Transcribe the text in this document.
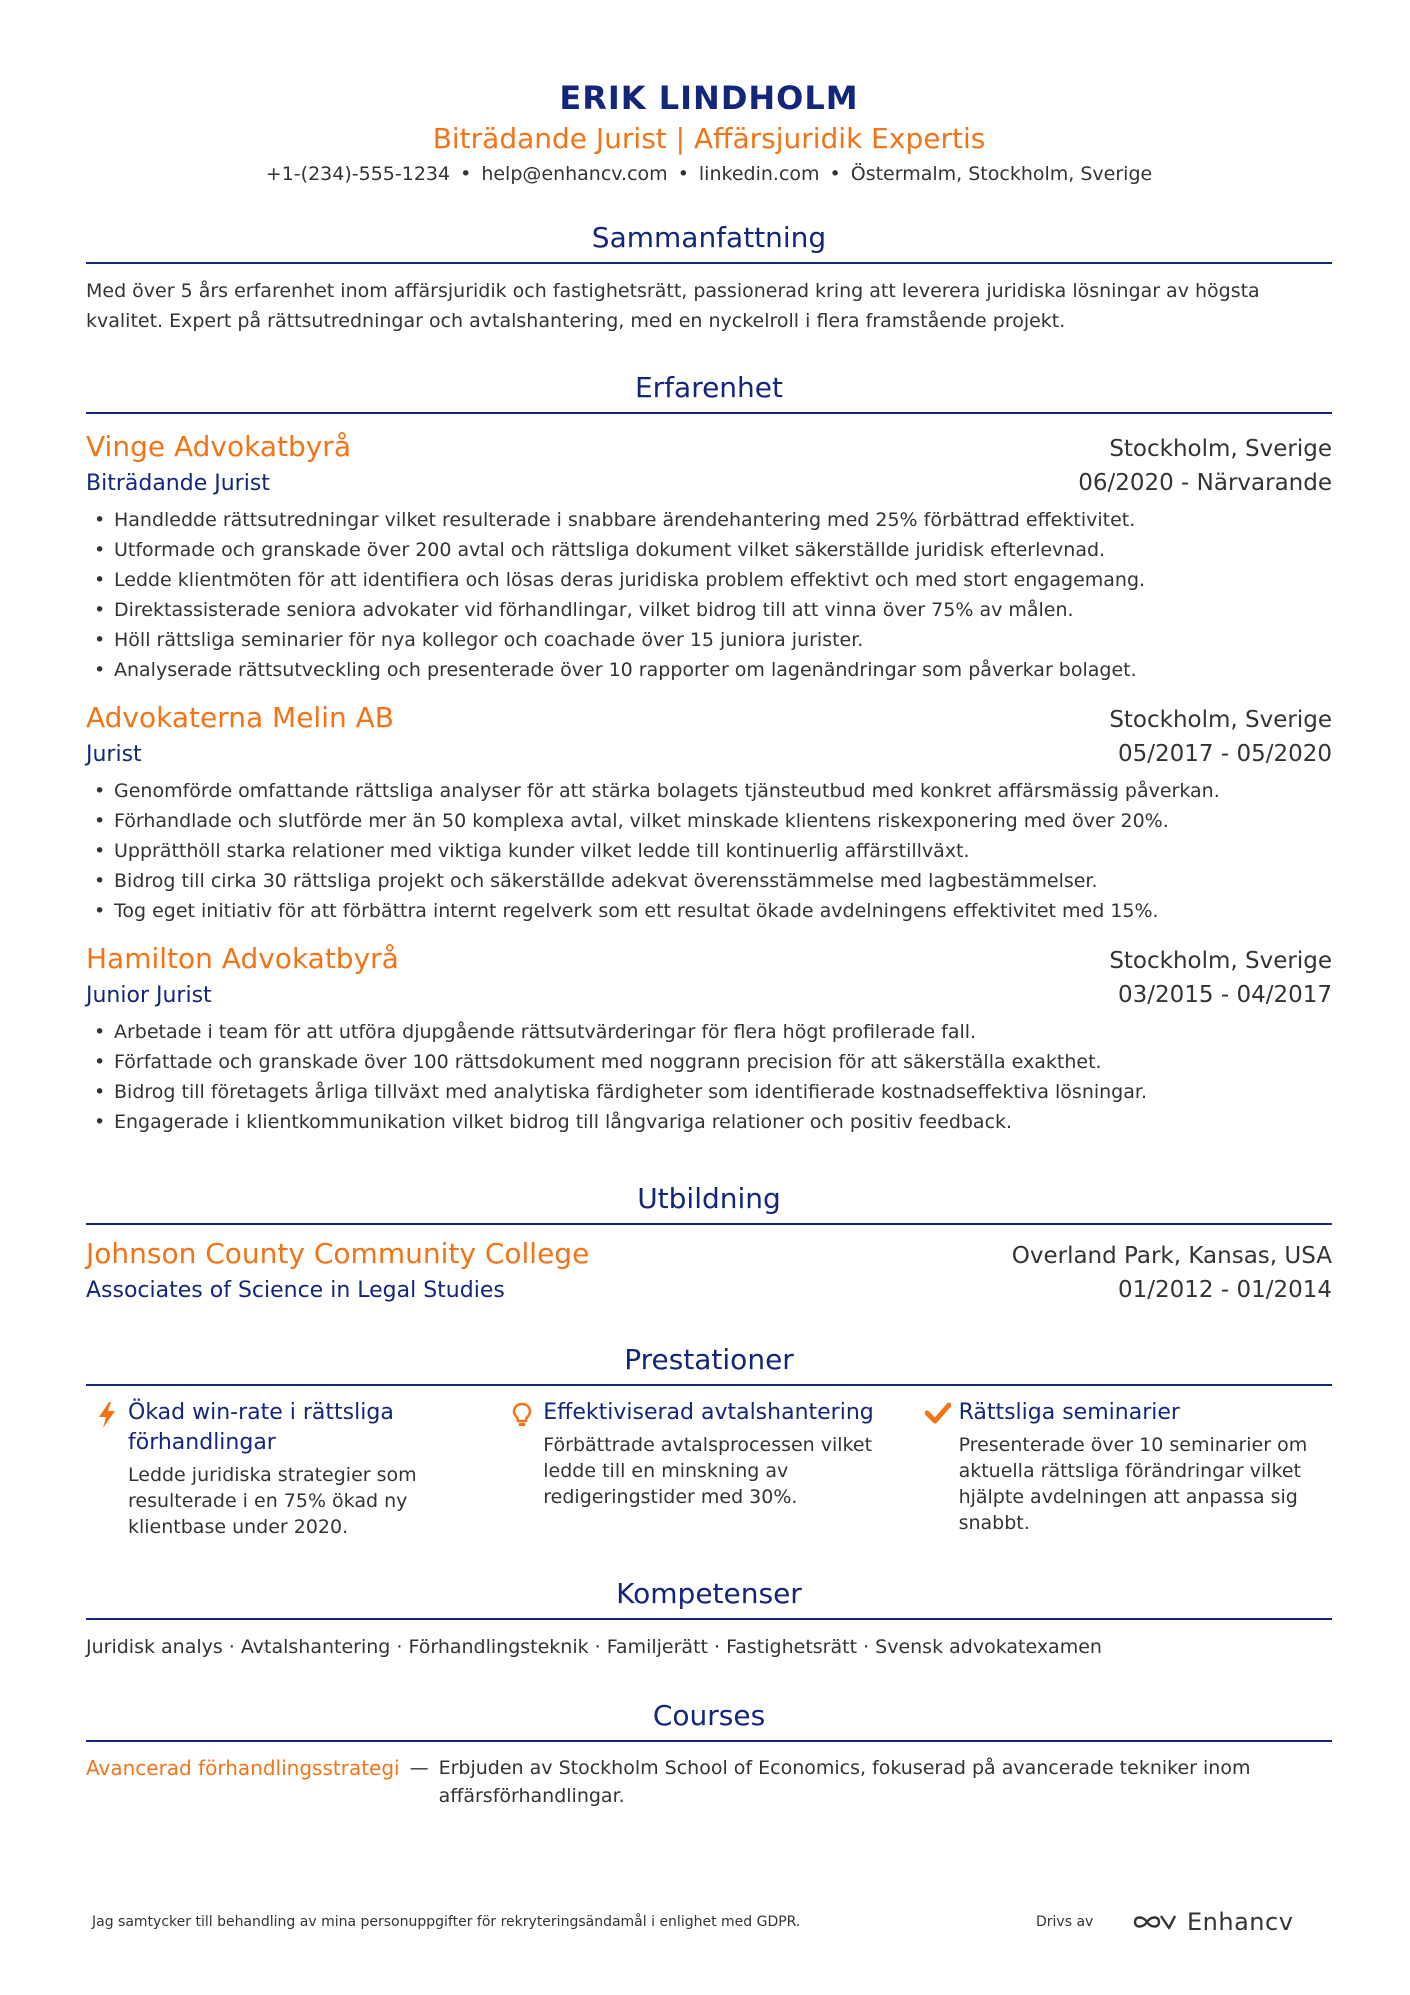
ERIK LINDHOLM
Biträdande Jurist | Affärsjuridik Expertis
+1-(234)-555-1234 • help@enhancv.com • linkedin.com • Östermalm, Stockholm, Sverige
Sammanfattning
Med över 5 års erfarenhet inom affärsjuridik och fastighetsrätt, passionerad kring att leverera juridiska lösningar av högsta kvalitet. Expert på rättsutredningar och avtalshantering, med en nyckelroll i flera framstående projekt.
Erfarenhet
Vinge Advokatbyrå	Stockholm, Sverige
Biträdande Jurist	06/2020 - Närvarande
• Handledde rättsutredningar vilket resulterade i snabbare ärendehantering med 25% förbättrad effektivitet.
• Utformade och granskade över 200 avtal och rättsliga dokument vilket säkerställde juridisk efterlevnad.
• Ledde klientmöten för att identifiera och lösas deras juridiska problem effektivt och med stort engagemang.
• Direktassisterade seniora advokater vid förhandlingar, vilket bidrog till att vinna över 75% av målen.
• Höll rättsliga seminarier för nya kollegor och coachade över 15 juniora jurister.
• Analyserade rättsutveckling och presenterade över 10 rapporter om lagenändringar som påverkar bolaget.
Advokaterna Melin AB	Stockholm, Sverige
Jurist	05/2017 - 05/2020
• Genomförde omfattande rättsliga analyser för att stärka bolagets tjänsteutbud med konkret affärsmässig påverkan.
• Förhandlade och slutförde mer än 50 komplexa avtal, vilket minskade klientens riskexponering med över 20%.
• Upprätthöll starka relationer med viktiga kunder vilket ledde till kontinuerlig affärstillväxt.
• Bidrog till cirka 30 rättsliga projekt och säkerställde adekvat överensstämmelse med lagbestämmelser.
• Tog eget initiativ för att förbättra internt regelverk som ett resultat ökade avdelningens effektivitet med 15%.
Hamilton Advokatbyrå	Stockholm, Sverige
Junior Jurist	03/2015 - 04/2017
• Arbetade i team för att utföra djupgående rättsutvärderingar för flera högt profilerade fall.
• Författade och granskade över 100 rättsdokument med noggrann precision för att säkerställa exakthet.
• Bidrog till företagets årliga tillväxt med analytiska färdigheter som identifierade kostnadseffektiva lösningar.
• Engagerade i klientkommunikation vilket bidrog till långvariga relationer och positiv feedback.
Utbildning
Johnson County Community College	Overland Park, Kansas, USA
Associates of Science in Legal Studies	01/2012 - 01/2014
Prestationer
Ökad win-rate i rättsliga förhandlingar
Ledde juridiska strategier som resulterade i en 75% ökad ny klientbase under 2020.
Effektiviserad avtalshantering
Förbättrade avtalsprocessen vilket ledde till en minskning av redigeringstider med 30%.
Rättsliga seminarier
Presenterade över 10 seminarier om aktuella rättsliga förändringar vilket hjälpte avdelningen att anpassa sig snabbt.
Kompetenser
Juridisk analys · Avtalshantering · Förhandlingsteknik · Familjerätt · Fastighetsrätt · Svensk advokatexamen
Courses
Avancerad förhandlingsstrategi — Erbjuden av Stockholm School of Economics, fokuserad på avancerade tekniker inom affärsförhandlingar.
Jag samtycker till behandling av mina personuppgifter för rekryteringsändamål i enlighet med GDPR.	Drivs av	Enhancv
